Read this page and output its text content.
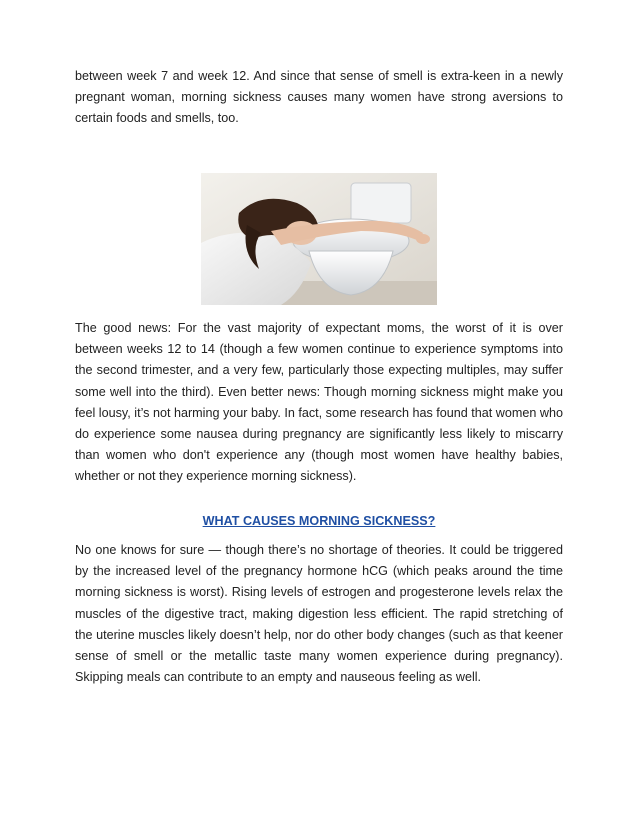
between week 7 and week 12. And since that sense of smell is extra-keen in a newly pregnant woman, morning sickness causes many women have strong aversions to certain foods and smells, too.

The good news: For the vast majority of expectant moms, the worst of it is over between weeks 12 to 14 (though a few women continue to experience symptoms into the second trimester, and a very few, particularly those expecting multiples, may suffer some well into the third). Even better news: Though morning sickness might make you feel lousy, it’s not harming your baby. In fact, some research has found that women who do experience some nausea during pregnancy are significantly less likely to miscarry than women who don't experience any (though most women have healthy babies, whether or not they experience morning sickness).

WHAT CAUSES MORNING SICKNESS?

No one knows for sure — though there’s no shortage of theories. It could be triggered by the increased level of the pregnancy hormone hCG (which peaks around the time morning sickness is worst). Rising levels of estrogen and progesterone levels relax the muscles of the digestive tract, making digestion less efficient. The rapid stretching of the uterine muscles likely doesn’t help, nor do other body changes (such as that keener sense of smell or the metallic taste many women experience during pregnancy). Skipping meals can contribute to an empty and nauseous feeling as well.
